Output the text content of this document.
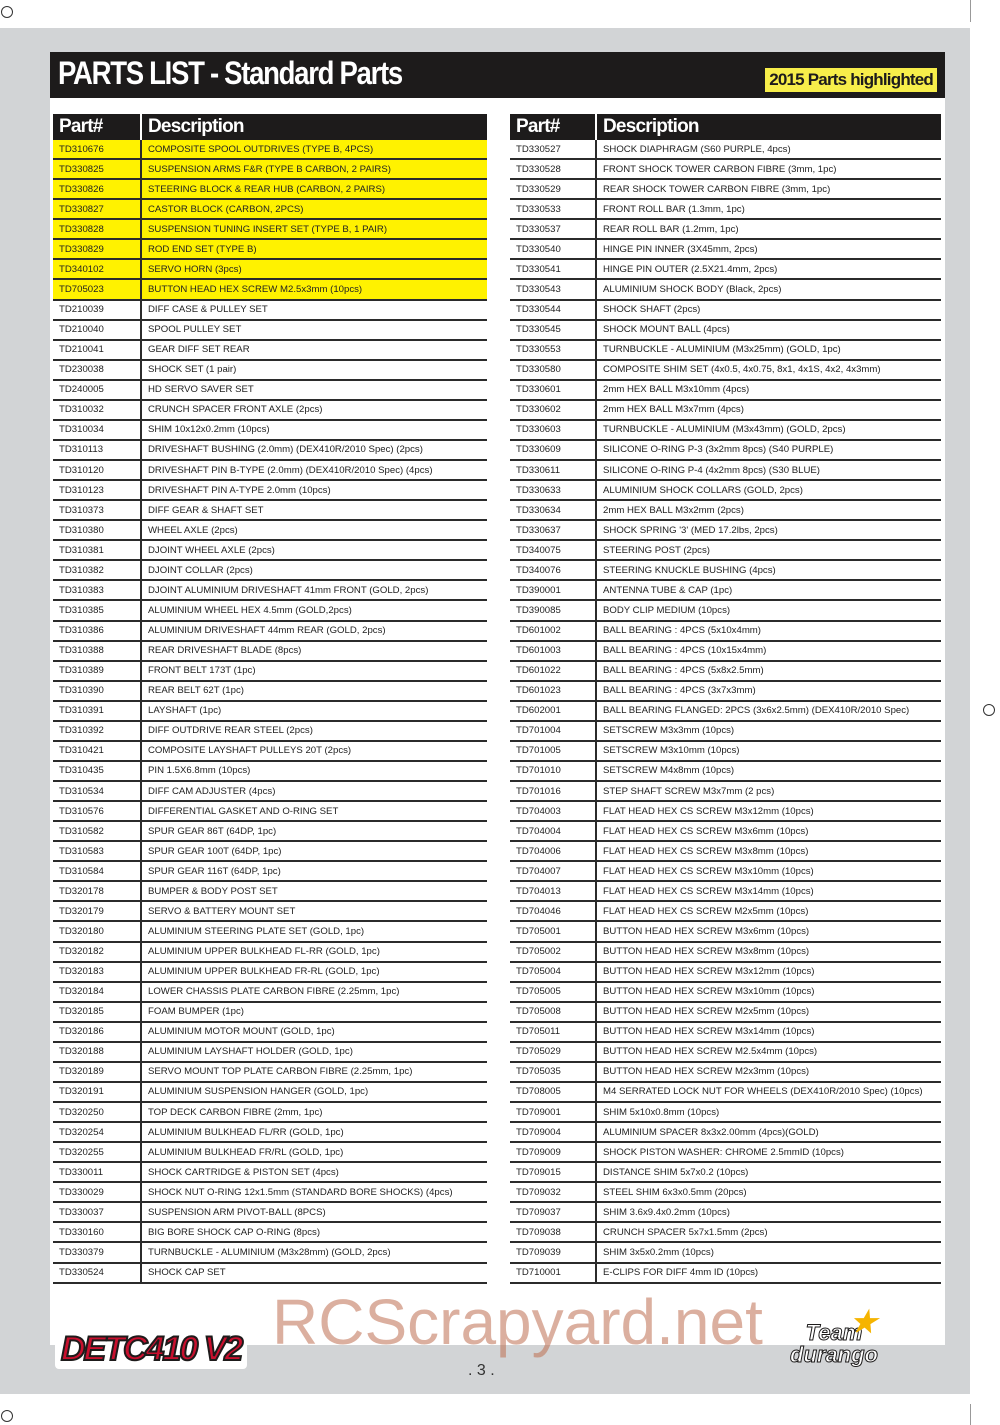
PARTS LIST - Standard Parts	2015 Parts highlighted
Part#	Description
TD310676	COMPOSITE SPOOL OUTDRIVES (TYPE B, 4PCS)
TD330825	SUSPENSION ARMS F&R (TYPE B CARBON, 2 PAIRS)
TD330826	STEERING BLOCK & REAR HUB (CARBON, 2 PAIRS)
TD330827	CASTOR BLOCK (CARBON, 2PCS)
TD330828	SUSPENSION TUNING INSERT SET (TYPE B, 1 PAIR)
TD330829	ROD END SET (TYPE B)
TD340102	SERVO HORN (3pcs)
TD705023	BUTTON HEAD HEX SCREW M2.5x3mm (10pcs)
TD210039	DIFF CASE & PULLEY SET
TD210040	SPOOL PULLEY SET
TD210041	GEAR DIFF SET REAR
TD230038	SHOCK SET (1 pair)
TD240005	HD SERVO SAVER SET
TD310032	CRUNCH SPACER FRONT AXLE (2pcs)
TD310034	SHIM 10x12x0.2mm (10pcs)
TD310113	DRIVESHAFT BUSHING (2.0mm) (DEX410R/2010 Spec) (2pcs)
TD310120	DRIVESHAFT PIN B-TYPE (2.0mm) (DEX410R/2010 Spec) (4pcs)
TD310123	DRIVESHAFT PIN A-TYPE 2.0mm (10pcs)
TD310373	DIFF GEAR & SHAFT SET
TD310380	WHEEL AXLE (2pcs)
TD310381	DJOINT WHEEL AXLE (2pcs)
TD310382	DJOINT COLLAR (2pcs)
TD310383	DJOINT ALUMINIUM DRIVESHAFT 41mm FRONT (GOLD, 2pcs)
TD310385	ALUMINIUM WHEEL HEX 4.5mm (GOLD,2pcs)
TD310386	ALUMINIUM DRIVESHAFT 44mm REAR (GOLD, 2pcs)
TD310388	REAR DRIVESHAFT BLADE (8pcs)
TD310389	FRONT BELT 173T (1pc)
TD310390	REAR BELT 62T (1pc)
TD310391	LAYSHAFT (1pc)
TD310392	DIFF OUTDRIVE REAR STEEL (2pcs)
TD310421	COMPOSITE LAYSHAFT PULLEYS 20T (2pcs)
TD310435	PIN 1.5X6.8mm (10pcs)
TD310534	DIFF CAM ADJUSTER (4pcs)
TD310576	DIFFERENTIAL GASKET AND O-RING SET
TD310582	SPUR GEAR 86T (64DP, 1pc)
TD310583	SPUR GEAR 100T (64DP, 1pc)
TD310584	SPUR GEAR 116T (64DP, 1pc)
TD320178	BUMPER & BODY POST SET
TD320179	SERVO & BATTERY MOUNT SET
TD320180	ALUMINIUM STEERING PLATE SET (GOLD, 1pc)
TD320182	ALUMINIUM UPPER BULKHEAD FL-RR (GOLD, 1pc)
TD320183	ALUMINIUM UPPER BULKHEAD FR-RL (GOLD, 1pc)
TD320184	LOWER CHASSIS PLATE CARBON FIBRE (2.25mm, 1pc)
TD320185	FOAM BUMPER (1pc)
TD320186	ALUMINIUM MOTOR MOUNT (GOLD, 1pc)
TD320188	ALUMINIUM LAYSHAFT HOLDER (GOLD, 1pc)
TD320189	SERVO MOUNT TOP PLATE CARBON FIBRE (2.25mm, 1pc)
TD320191	ALUMINIUM SUSPENSION HANGER (GOLD, 1pc)
TD320250	TOP DECK CARBON FIBRE (2mm, 1pc)
TD320254	ALUMINIUM BULKHEAD FL/RR (GOLD, 1pc)
TD320255	ALUMINIUM BULKHEAD FR/RL (GOLD, 1pc)
TD330011	SHOCK CARTRIDGE & PISTON SET (4pcs)
TD330029	SHOCK NUT O-RING 12x1.5mm (STANDARD BORE SHOCKS) (4pcs)
TD330037	SUSPENSION ARM PIVOT-BALL (8PCS)
TD330160	BIG BORE SHOCK CAP O-RING (8pcs)
TD330379	TURNBUCKLE - ALUMINIUM (M3x28mm) (GOLD, 2pcs)
TD330524	SHOCK CAP SET
Part#	Description
TD330527	SHOCK DIAPHRAGM (S60 PURPLE, 4pcs)
TD330528	FRONT SHOCK TOWER CARBON FIBRE (3mm, 1pc)
TD330529	REAR SHOCK TOWER CARBON FIBRE (3mm, 1pc)
TD330533	FRONT ROLL BAR (1.3mm, 1pc)
TD330537	REAR ROLL BAR (1.2mm, 1pc)
TD330540	HINGE PIN INNER (3X45mm, 2pcs)
TD330541	HINGE PIN OUTER (2.5X21.4mm, 2pcs)
TD330543	ALUMINIUM SHOCK BODY (Black, 2pcs)
TD330544	SHOCK SHAFT (2pcs)
TD330545	SHOCK MOUNT BALL (4pcs)
TD330553	TURNBUCKLE - ALUMINIUM (M3x25mm) (GOLD, 1pc)
TD330580	COMPOSITE SHIM SET (4x0.5, 4x0.75, 8x1, 4x1S, 4x2, 4x3mm)
TD330601	2mm HEX BALL M3x10mm (4pcs)
TD330602	2mm HEX BALL M3x7mm (4pcs)
TD330603	TURNBUCKLE - ALUMINIUM (M3x43mm) (GOLD, 2pcs)
TD330609	SILICONE O-RING P-3 (3x2mm 8pcs) (S40 PURPLE)
TD330611	SILICONE O-RING P-4 (4x2mm 8pcs) (S30 BLUE)
TD330633	ALUMINIUM SHOCK COLLARS (GOLD, 2pcs)
TD330634	2mm HEX BALL M3x2mm (2pcs)
TD330637	SHOCK SPRING '3' (MED 17.2lbs, 2pcs)
TD340075	STEERING POST (2pcs)
TD340076	STEERING KNUCKLE BUSHING (4pcs)
TD390001	ANTENNA TUBE & CAP (1pc)
TD390085	BODY CLIP MEDIUM (10pcs)
TD601002	BALL BEARING : 4PCS (5x10x4mm)
TD601003	BALL BEARING : 4PCS (10x15x4mm)
TD601022	BALL BEARING : 4PCS (5x8x2.5mm)
TD601023	BALL BEARING : 4PCS (3x7x3mm)
TD602001	BALL BEARING FLANGED: 2PCS (3x6x2.5mm) (DEX410R/2010 Spec)
TD701004	SETSCREW M3x3mm (10pcs)
TD701005	SETSCREW M3x10mm (10pcs)
TD701010	SETSCREW M4x8mm (10pcs)
TD701016	STEP SHAFT SCREW M3x7mm (2 pcs)
TD704003	FLAT HEAD HEX CS SCREW M3x12mm (10pcs)
TD704004	FLAT HEAD HEX CS SCREW M3x6mm (10pcs)
TD704006	FLAT HEAD HEX CS SCREW M3x8mm (10pcs)
TD704007	FLAT HEAD HEX CS SCREW M3x10mm (10pcs)
TD704013	FLAT HEAD HEX CS SCREW M3x14mm (10pcs)
TD704046	FLAT HEAD HEX CS SCREW M2x5mm (10pcs)
TD705001	BUTTON HEAD HEX SCREW M3x6mm (10pcs)
TD705002	BUTTON HEAD HEX SCREW M3x8mm (10pcs)
TD705004	BUTTON HEAD HEX SCREW M3x12mm (10pcs)
TD705005	BUTTON HEAD HEX SCREW M3x10mm (10pcs)
TD705008	BUTTON HEAD HEX SCREW M2x5mm (10pcs)
TD705011	BUTTON HEAD HEX SCREW M3x14mm (10pcs)
TD705029	BUTTON HEAD HEX SCREW M2.5x4mm (10pcs)
TD705035	BUTTON HEAD HEX SCREW M2x3mm (10pcs)
TD708005	M4 SERRATED LOCK NUT FOR WHEELS (DEX410R/2010 Spec) (10pcs)
TD709001	SHIM 5x10x0.8mm (10pcs)
TD709004	ALUMINIUM SPACER 8x3x2.00mm (4pcs)(GOLD)
TD709009	SHOCK PISTON WASHER: CHROME 2.5mmID (10pcs)
TD709015	DISTANCE SHIM 5x7x0.2 (10pcs)
TD709032	STEEL SHIM 6x3x0.5mm (20pcs)
TD709037	SHIM 3.6x9.4x0.2mm (10pcs)
TD709038	CRUNCH SPACER 5x7x1.5mm (2pcs)
TD709039	SHIM 3x5x0.2mm (10pcs)
TD710001	E-CLIPS FOR DIFF 4mm ID (10pcs)
DETC410 V2 RCScrapyard.net
. 3 .
★
Team
durango
